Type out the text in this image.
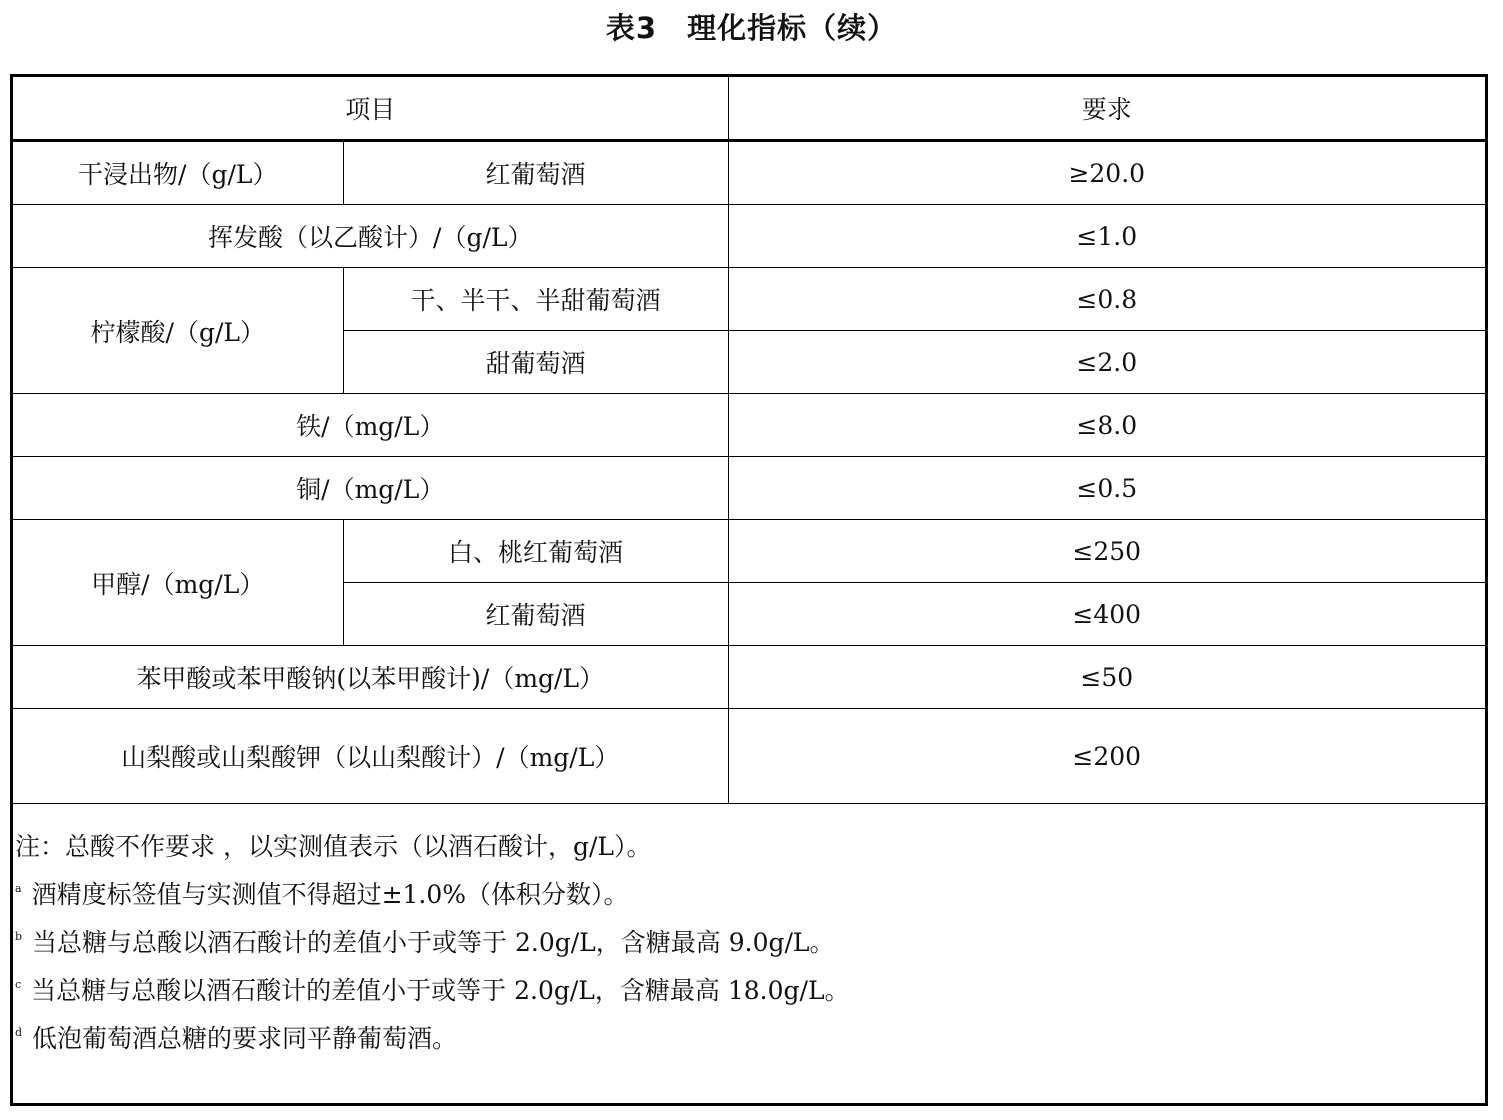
表3　理化指标（续）
项目		要求
干浸出物/（g/L）	红葡萄酒	≥20.0
挥发酸（以乙酸计）/（g/L）		≤1.0
柠檬酸/（g/L）	干、半干、半甜葡萄酒	≤0.8
	甜葡萄酒	≤2.0
铁/（mg/L）		≤8.0
铜/（mg/L）		≤0.5
甲醇/（mg/L）	白、桃红葡萄酒	≤250
	红葡萄酒	≤400
苯甲酸或苯甲酸钠(以苯甲酸计)/（mg/L）		≤50
山梨酸或山梨酸钾（以山梨酸计）/（mg/L）		≤200
注：总酸不作要求 ，以实测值表示（以酒石酸计，g/L）。
$^a$ 酒精度标签值与实测值不得超过±1.0%（体积分数）。
$^b$ 当总糖与总酸以酒石酸计的差值小于或等于 2.0g/L，含糖最高 9.0g/L。
$^c$ 当总糖与总酸以酒石酸计的差值小于或等于 2.0g/L，含糖最高 18.0g/L。
$^d$ 低泡葡萄酒总糖的要求同平静葡萄酒。
